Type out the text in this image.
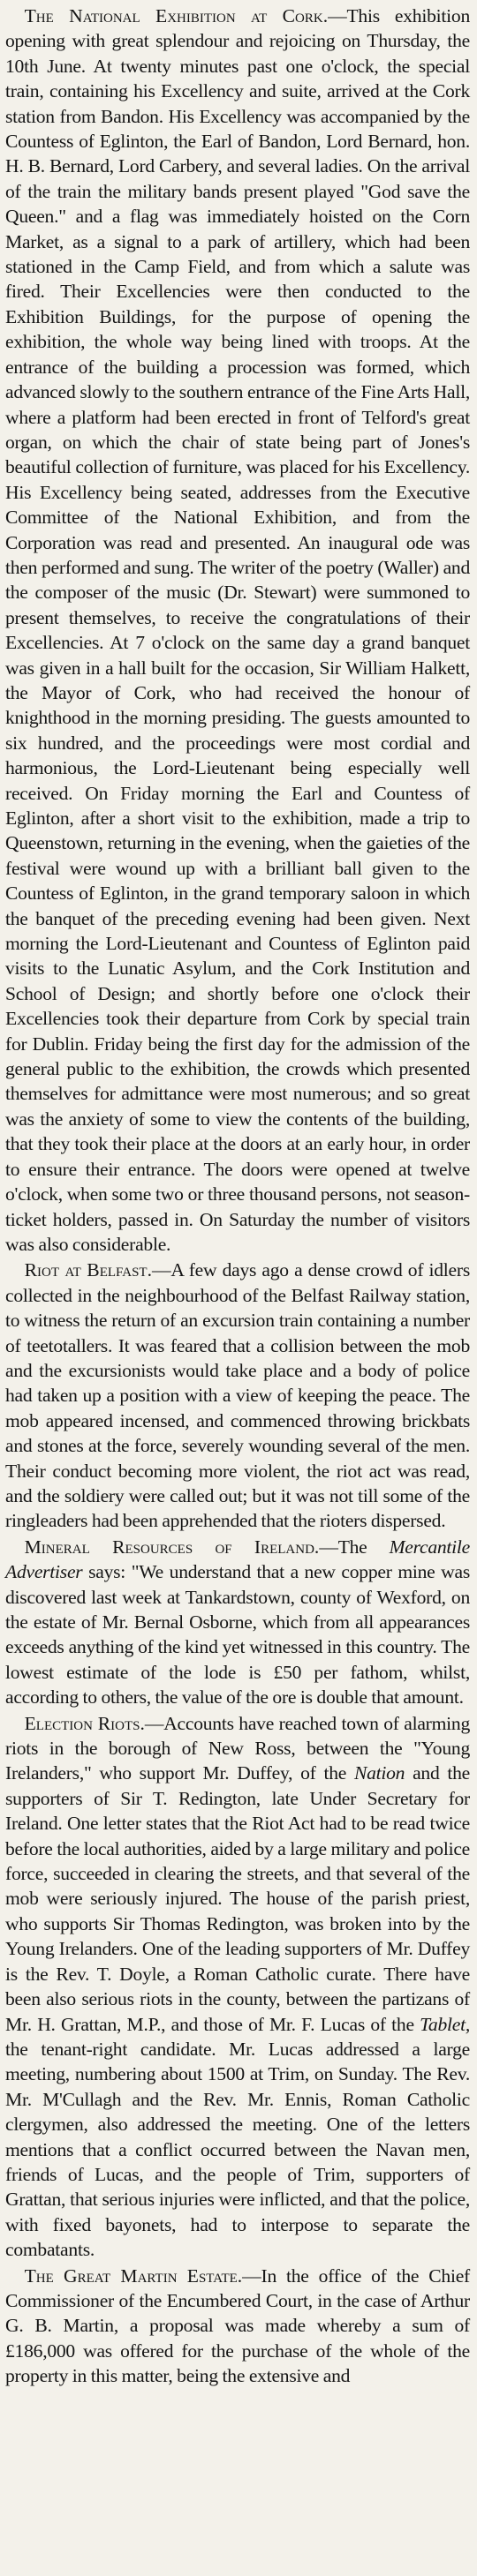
The National Exhibition at Cork.—This exhibition opening with great splendour and rejoicing on Thursday, the 10th June. At twenty minutes past one o'clock, the special train, containing his Excellency and suite, arrived at the Cork station from Bandon. His Excellency was accompanied by the Countess of Eglinton, the Earl of Bandon, Lord Bernard, hon. H. B. Bernard, Lord Carbery, and several ladies. On the arrival of the train the military bands present played "God save the Queen." and a flag was immediately hoisted on the Corn Market, as a signal to a park of artillery, which had been stationed in the Camp Field, and from which a salute was fired. Their Excellencies were then conducted to the Exhibition Buildings, for the purpose of opening the exhibition, the whole way being lined with troops. At the entrance of the building a procession was formed, which advanced slowly to the southern entrance of the Fine Arts Hall, where a platform had been erected in front of Telford's great organ, on which the chair of state being part of Jones's beautiful collection of furniture, was placed for his Excellency. His Excellency being seated, addresses from the Executive Committee of the National Exhibition, and from the Corporation was read and presented. An inaugural ode was then performed and sung. The writer of the poetry (Waller) and the composer of the music (Dr. Stewart) were summoned to present themselves, to receive the congratulations of their Excellencies. At 7 o'clock on the same day a grand banquet was given in a hall built for the occasion, Sir William Halkett, the Mayor of Cork, who had received the honour of knighthood in the morning presiding. The guests amounted to six hundred, and the proceedings were most cordial and harmonious, the Lord-Lieutenant being especially well received. On Friday morning the Earl and Countess of Eglinton, after a short visit to the exhibition, made a trip to Queenstown, returning in the evening, when the gaieties of the festival were wound up with a brilliant ball given to the Countess of Eglinton, in the grand temporary saloon in which the banquet of the preceding evening had been given. Next morning the Lord-Lieutenant and Countess of Eglinton paid visits to the Lunatic Asylum, and the Cork Institution and School of Design; and shortly before one o'clock their Excellencies took their departure from Cork by special train for Dublin. Friday being the first day for the admission of the general public to the exhibition, the crowds which presented themselves for admittance were most numerous; and so great was the anxiety of some to view the contents of the building, that they took their place at the doors at an early hour, in order to ensure their entrance. The doors were opened at twelve o'clock, when some two or three thousand persons, not season-ticket holders, passed in. On Saturday the number of visitors was also considerable.

Riot at Belfast.—A few days ago a dense crowd of idlers collected in the neighbourhood of the Belfast Railway station, to witness the return of an excursion train containing a number of teetotallers. It was feared that a collision between the mob and the excursionists would take place and a body of police had taken up a position with a view of keeping the peace. The mob appeared incensed, and commenced throwing brickbats and stones at the force, severely wounding several of the men. Their conduct becoming more violent, the riot act was read, and the soldiery were called out; but it was not till some of the ringleaders had been apprehended that the rioters dispersed.

Mineral Resources of Ireland.—The Mercantile Advertiser says: "We understand that a new copper mine was discovered last week at Tankardstown, county of Wexford, on the estate of Mr. Bernal Osborne, which from all appearances exceeds anything of the kind yet witnessed in this country. The lowest estimate of the lode is £50 per fathom, whilst, according to others, the value of the ore is double that amount.

Election Riots.—Accounts have reached town of alarming riots in the borough of New Ross, between the "Young Irelanders," who support Mr. Duffey, of the Nation and the supporters of Sir T. Redington, late Under Secretary for Ireland. One letter states that the Riot Act had to be read twice before the local authorities, aided by a large military and police force, succeeded in clearing the streets, and that several of the mob were seriously injured. The house of the parish priest, who supports Sir Thomas Redington, was broken into by the Young Irelanders. One of the leading supporters of Mr. Duffey is the Rev. T. Doyle, a Roman Catholic curate. There have been also serious riots in the county, between the partizans of Mr. H. Grattan, M.P., and those of Mr. F. Lucas of the Tablet, the tenant-right candidate. Mr. Lucas addressed a large meeting, numbering about 1500 at Trim, on Sunday. The Rev. Mr. M'Cullagh and the Rev. Mr. Ennis, Roman Catholic clergymen, also addressed the meeting. One of the letters mentions that a conflict occurred between the Navan men, friends of Lucas, and the people of Trim, supporters of Grattan, that serious injuries were inflicted, and that the police, with fixed bayonets, had to interpose to separate the combatants.

The Great Martin Estate.—In the office of the Chief Commissioner of the Encumbered Court, in the case of Arthur G. B. Martin, a proposal was made whereby a sum of £186,000 was offered for the purchase of the whole of the property in this matter, being the extensive and
